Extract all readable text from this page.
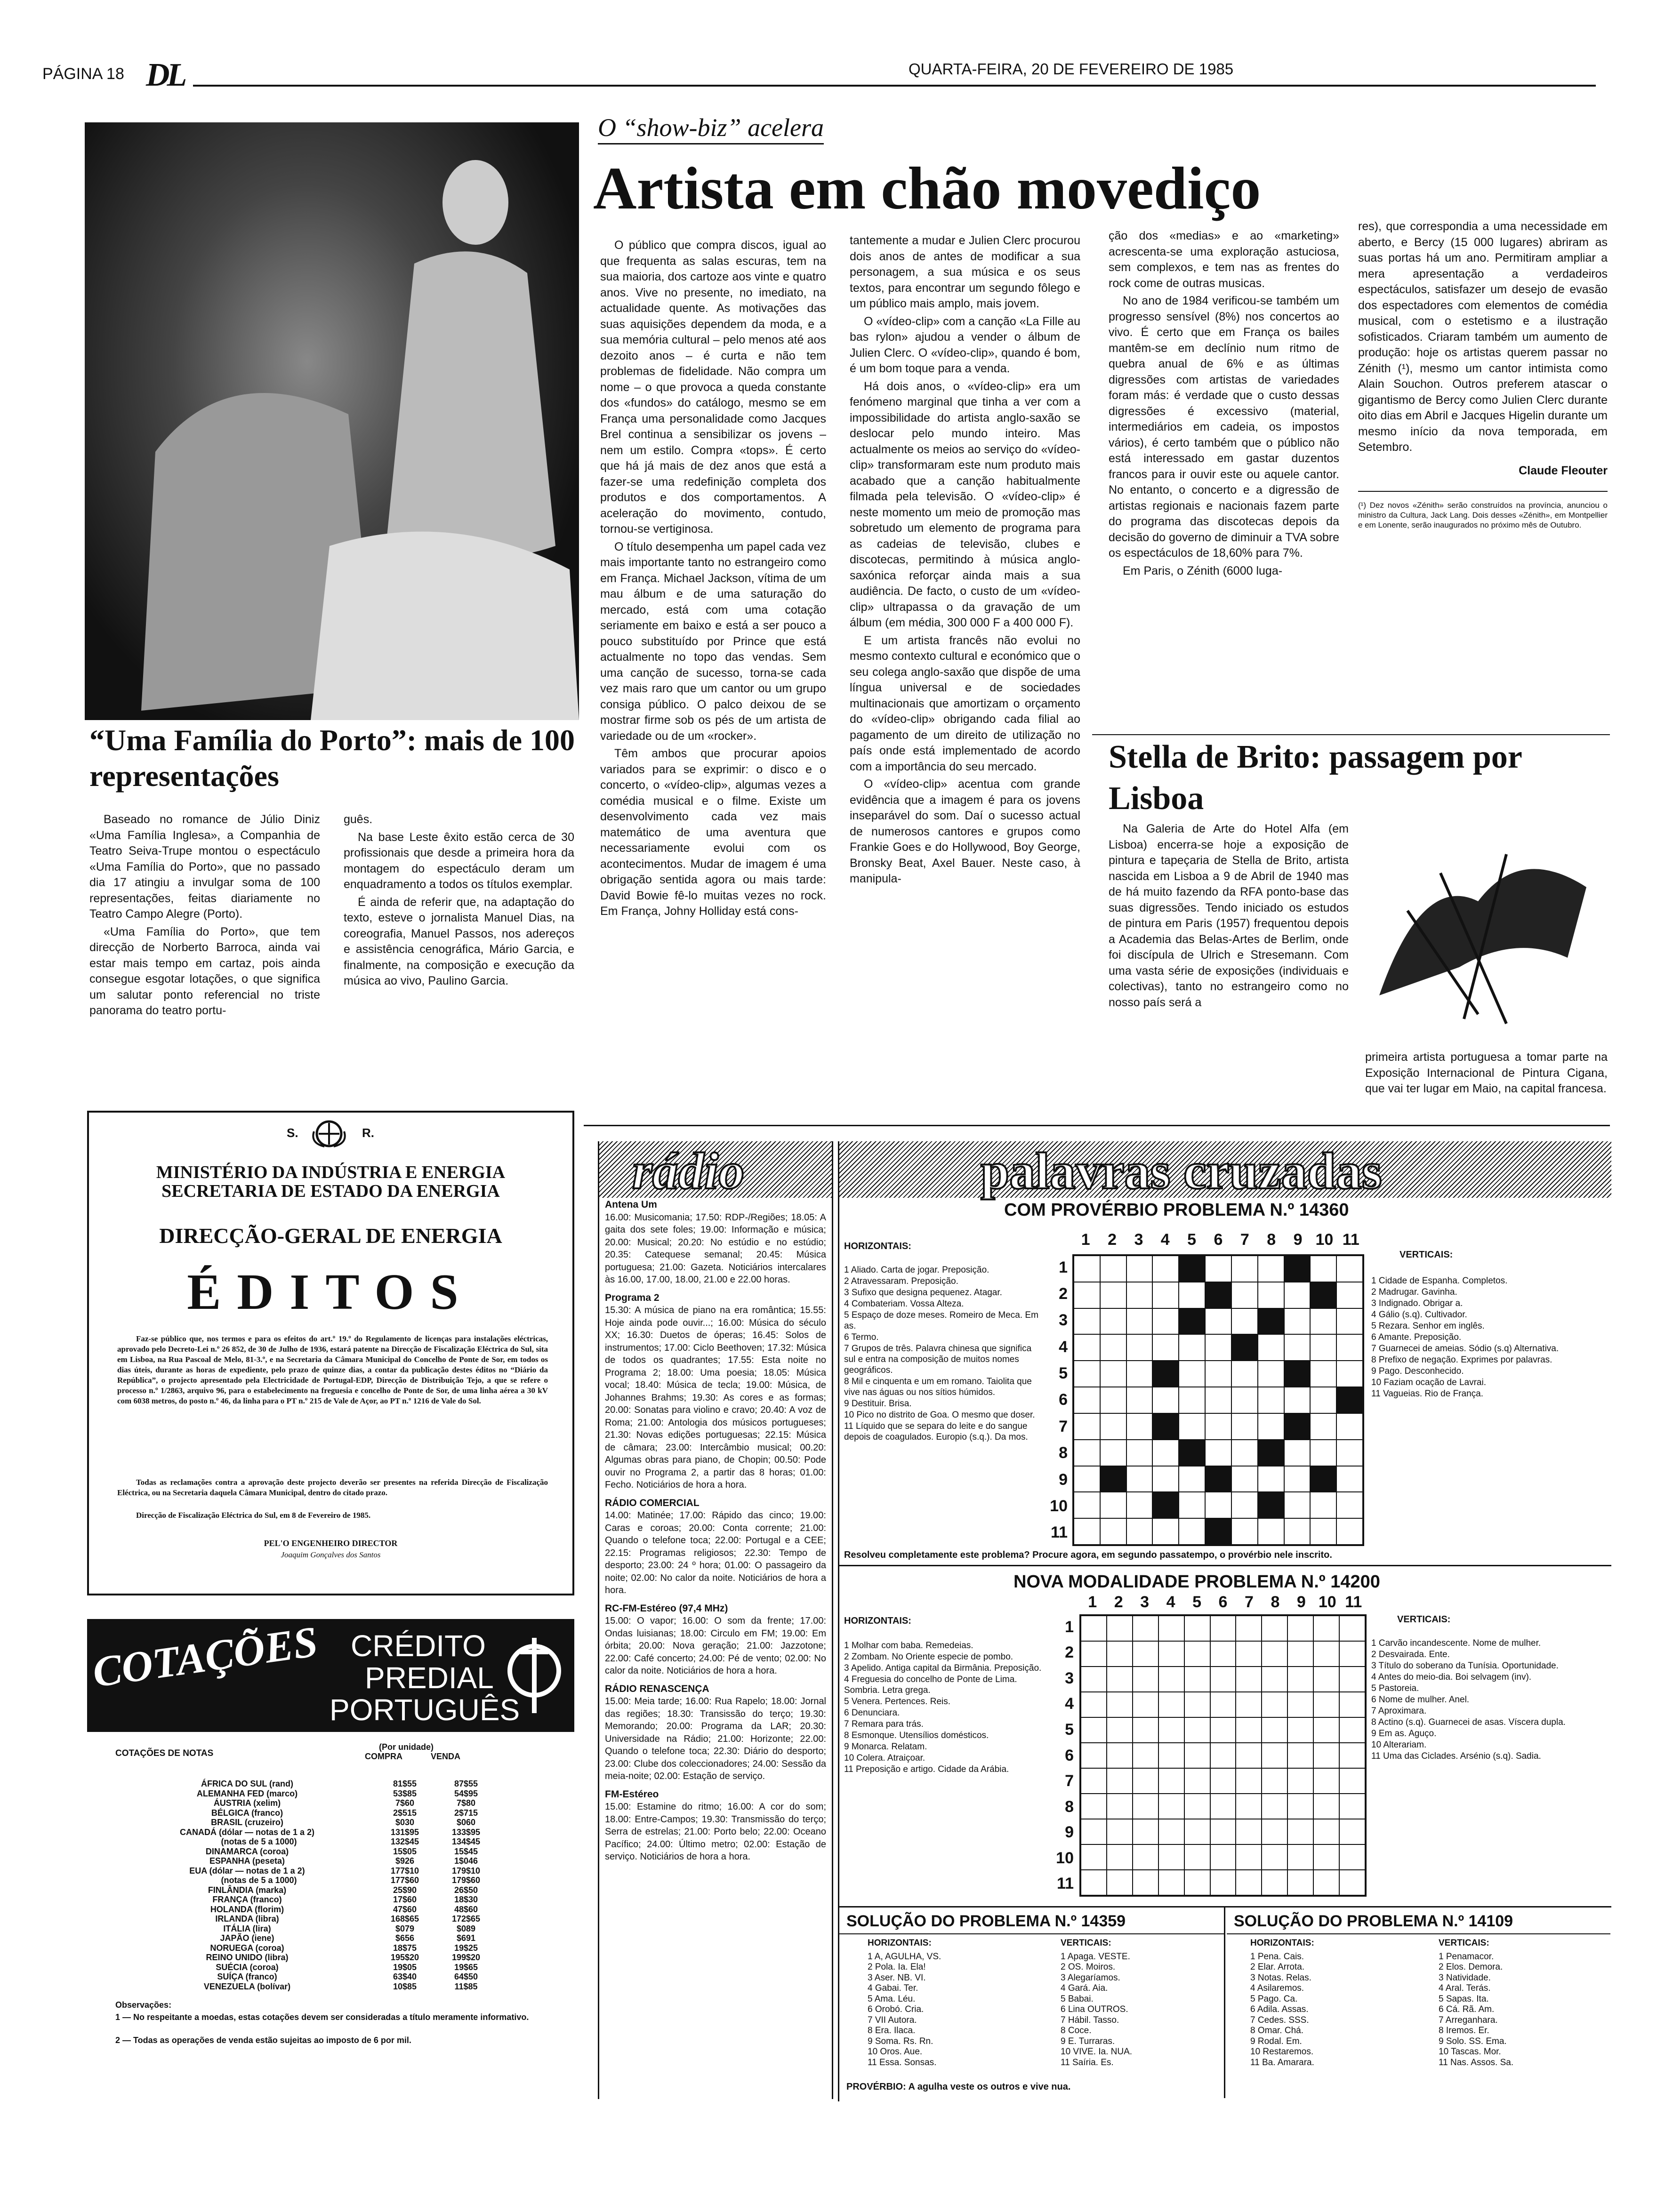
PÁGINA 18 DL	QUARTA-FEIRA, 20 DE FEVEREIRO DE 1985
“Uma Família do Porto”: mais de 100 representações

Baseado no romance de Júlio Diniz «Uma Família Inglesa», a Companhia de Teatro Seiva-Trupe montou o espectáculo «Uma Família do Porto», que no passado dia 17 atingiu a invulgar soma de 100 representações, feitas diariamente no Teatro Campo Alegre (Porto).

«Uma Família do Porto», que tem direcção de Norberto Barroca, ainda vai estar mais tempo em cartaz, pois ainda consegue esgotar lotações, o que significa um salutar ponto referencial no triste panorama do teatro portu-

guês.

Na base Leste êxito estão cerca de 30 profissionais que desde a primeira hora da montagem do espectáculo deram um enquadramento a todos os títulos exemplar.

É ainda de referir que, na adaptação do texto, esteve o jornalista Manuel Dias, na coreografia, Manuel Passos, nos adereços e assistência cenográfica, Mário Garcia, e finalmente, na composição e execução da música ao vivo, Paulino Garcia.

O “show-biz” acelera
Artista em chão movediço

O público que compra discos, igual ao que frequenta as salas escuras, tem na sua maioria, dos cartoze aos vinte e quatro anos. Vive no presente, no imediato, na actualidade quente. As motivações das suas aquisições dependem da moda, e a sua memória cultural – pelo menos até aos dezoito anos – é curta e não tem problemas de fidelidade. Não compra um nome – o que provoca a queda constante dos «fundos» do catálogo, mesmo se em França uma personalidade como Jacques Brel continua a sensibilizar os jovens – nem um estilo. Compra «tops». É certo que há já mais de dez anos que está a fazer-se uma redefinição completa dos produtos e dos comportamentos. A aceleração do movimento, contudo, tornou-se vertiginosa.

O título desempenha um papel cada vez mais importante tanto no estrangeiro como em França. Michael Jackson, vítima de um mau álbum e de uma saturação do mercado, está com uma cotação seriamente em baixo e está a ser pouco a pouco substituído por Prince que está actualmente no topo das vendas. Sem uma canção de sucesso, torna-se cada vez mais raro que um cantor ou um grupo consiga público. O palco deixou de se mostrar firme sob os pés de um artista de variedade ou de um «rocker».

Têm ambos que procurar apoios variados para se exprimir: o disco e o concerto, o «vídeo-clip», algumas vezes a comédia musical e o filme. Existe um desenvolvimento cada vez mais matemático de uma aventura que necessariamente evolui com os acontecimentos. Mudar de imagem é uma obrigação sentida agora ou mais tarde: David Bowie fê-lo muitas vezes no rock. Em França, Johny Holliday está cons-

tantemente a mudar e Julien Clerc procurou dois anos de antes de modificar a sua personagem, a sua música e os seus textos, para encontrar um segundo fôlego e um público mais amplo, mais jovem.

O «vídeo-clip» com a canção «La Fille au bas rylon» ajudou a vender o álbum de Julien Clerc. O «vídeo-clip», quando é bom, é um bom toque para a venda.

Há dois anos, o «vídeo-clip» era um fenómeno marginal que tinha a ver com a impossibilidade do artista anglo-saxão se deslocar pelo mundo inteiro. Mas actualmente os meios ao serviço do «vídeo-clip» transformaram este num produto mais acabado que a canção habitualmente filmada pela televisão. O «vídeo-clip» é neste momento um meio de promoção mas sobretudo um elemento de programa para as cadeias de televisão, clubes e discotecas, permitindo à música anglo-saxónica reforçar ainda mais a sua audiência. De facto, o custo de um «vídeo-clip» ultrapassa o da gravação de um álbum (em média, 300 000 F a 400 000 F).

E um artista francês não evolui no mesmo contexto cultural e económico que o seu colega anglo-saxão que dispõe de uma língua universal e de sociedades multinacionais que amortizam o orçamento do «vídeo-clip» obrigando cada filial ao pagamento de um direito de utilização no país onde está implementado de acordo com a importância do seu mercado.

O «vídeo-clip» acentua com grande evidência que a imagem é para os jovens inseparável do som. Daí o sucesso actual de numerosos cantores e grupos como Frankie Goes e do Hollywood, Boy George, Bronsky Beat, Axel Bauer. Neste caso, à manipula-

ção dos «medias» e ao «marketing» acrescenta-se uma exploração astuciosa, sem complexos, e tem nas as frentes do rock come de outras musicas.

No ano de 1984 verificou-se também um progresso sensível (8%) nos concertos ao vivo. É certo que em França os bailes mantêm-se em declínio num ritmo de quebra anual de 6% e as últimas digressões com artistas de variedades foram más: é verdade que o custo dessas digressões é excessivo (material, intermediários em cadeia, os impostos vários), é certo também que o público não está interessado em gastar duzentos francos para ir ouvir este ou aquele cantor. No entanto, o concerto e a digressão de artistas regionais e nacionais fazem parte do programa das discotecas depois da decisão do governo de diminuir a TVA sobre os espectáculos de 18,60% para 7%.

Em Paris, o Zénith (6000 luga-

res), que correspondia a uma necessidade em aberto, e Bercy (15 000 lugares) abriram as suas portas há um ano. Permitiram ampliar a mera apresentação a verdadeiros espectáculos, satisfazer um desejo de evasão dos espectadores com elementos de comédia musical, com o estetismo e a ilustração sofisticados. Criaram também um aumento de produção: hoje os artistas querem passar no Zénith (¹), mesmo um cantor intimista como Alain Souchon. Outros preferem atascar o gigantismo de Bercy como Julien Clerc durante oito dias em Abril e Jacques Higelin durante um mesmo início da nova temporada, em Setembro.

Claude Fleouter

(¹) Dez novos «Zénith» serão construídos na província, anunciou o ministro da Cultura, Jack Lang. Dois desses «Zénith», em Montpellier e em Lonente, serão inaugurados no próximo mês de Outubro.

Stella de Brito: passagem por Lisboa

Na Galeria de Arte do Hotel Alfa (em Lisboa) encerra-se hoje a exposição de pintura e tapeçaria de Stella de Brito, artista nascida em Lisboa a 9 de Abril de 1940 mas de há muito fazendo da RFA ponto-base das suas digressões. Tendo iniciado os estudos de pintura em Paris (1957) frequentou depois a Academia das Belas-Artes de Berlim, onde foi discípula de Ulrich e Stresemann. Com uma vasta série de exposições (individuais e colectivas), tanto no estrangeiro como no nosso país será a

primeira artista portuguesa a tomar parte na Exposição Internacional de Pintura Cigana, que vai ter lugar em Maio, na capital francesa.

S.	R.
MINISTÉRIO DA INDÚSTRIA E ENERGIA
SECRETARIA DE ESTADO DA ENERGIA
DIRECÇÃO-GERAL DE ENERGIA
ÉDITOS
Faz-se público que, nos termos e para os efeitos do art.º 19.º do Regulamento de licenças para instalações eléctricas, aprovado pelo Decreto-Lei n.º 26 852, de 30 de Julho de 1936, estará patente na Direcção de Fiscalização Eléctrica do Sul, sita em Lisboa, na Rua Pascoal de Melo, 81-3.º, e na Secretaria da Câmara Municipal do Concelho de Ponte de Sor, em todos os dias úteis, durante as horas de expediente, pelo prazo de quinze dias, a contar da publicação destes éditos no “Diário da República”, o projecto apresentado pela Electricidade de Portugal-EDP, Direcção de Distribuição Tejo, a que se refere o processo n.º 1/2863, arquivo 96, para o estabelecimento na freguesia e concelho de Ponte de Sor, de uma linha aérea a 30 kV com 6038 metros, do posto n.º 46, da linha para o PT n.º 215 de Vale de Açor, ao PT n.º 1216 de Vale do Sol.
Todas as reclamações contra a aprovação deste projecto deverão ser presentes na referida Direcção de Fiscalização Eléctrica, ou na Secretaria daquela Câmara Municipal, dentro do citado prazo.
Direcção de Fiscalização Eléctrica do Sul, em 8 de Fevereiro de 1985.
PEL'O ENGENHEIRO DIRECTOR
Joaquim Gonçalves dos Santos
COTAÇÕES CRÉDITO
PREDIAL
PORTUGUÊS
COTAÇÕES DE NOTAS
(Por unidade)
COMPRA	VENDA
ÁFRICA DO SUL (rand)	81$55	87$55
ALEMANHA FED (marco)	53$85	54$95
ÁUSTRIA (xelim)	7$60	7$80
BÉLGICA (franco)	2$515	2$715
BRASIL (cruzeiro)	$030	$060
CANADÁ (dólar — notas de 1 a 2)	131$95	133$95
(notas de 5 a 1000)	132$45	134$45
DINAMARCA (coroa)	15$05	15$45
ESPANHA (peseta)	$926	1$046
EUA (dólar — notas de 1 a 2)	177$10	179$10
(notas de 5 a 1000)	177$60	179$60
FINLÂNDIA (marka)	25$90	26$50
FRANÇA (franco)	17$60	18$30
HOLANDA (florim)	47$60	48$60
IRLANDA (libra)	168$65	172$65
ITÁLIA (lira)	$079	$089
JAPÃO (iene)	$656	$691
NORUEGA (coroa)	18$75	19$25
REINO UNIDO (libra)	195$20	199$20
SUÉCIA (coroa)	19$05	19$65
SUÍÇA (franco)	63$40	64$50
VENEZUELA (bolívar)	10$85	11$85
Observações:
1 — No respeitante a moedas, estas cotações devem ser consideradas a título meramente informativo.
2 — Todas as operações de venda estão sujeitas ao imposto de 6 por mil.
rádio
Antena Um

16.00: Musicomania; 17.50: RDP-/Regiões; 18.05: A gaita dos sete foles; 19.00: Informação e música; 20.00: Musical; 20.20: No estúdio e no estúdio; 20.35: Catequese semanal; 20.45: Música portuguesa; 21.00: Gazeta. Noticiários intercalares às 16.00, 17.00, 18.00, 21.00 e 22.00 horas.

Programa 2

15.30: A música de piano na era romântica; 15.55: Hoje ainda pode ouvir...; 16.00: Música do século XX; 16.30: Duetos de óperas; 16.45: Solos de instrumentos; 17.00: Ciclo Beethoven; 17.32: Música de todos os quadrantes; 17.55: Esta noite no Programa 2; 18.00: Uma poesia; 18.05: Música vocal; 18.40: Música de tecla; 19.00: Música, de Johannes Brahms; 19.30: As cores e as formas; 20.00: Sonatas para violino e cravo; 20.40: A voz de Roma; 21.00: Antologia dos músicos portugueses; 21.30: Novas edições portuguesas; 22.15: Música de câmara; 23.00: Intercâmbio musical; 00.20: Algumas obras para piano, de Chopin; 00.50: Pode ouvir no Programa 2, a partir das 8 horas; 01.00: Fecho. Noticiários de hora a hora.

RÁDIO COMERCIAL

14.00: Matinée; 17.00: Rápido das cinco; 19.00: Caras e coroas; 20.00: Conta corrente; 21.00: Quando o telefone toca; 22.00: Portugal e a CEE; 22.15: Programas religiosos; 22.30: Tempo de desporto; 23.00: 24 º hora; 01.00: O passageiro da noite; 02.00: No calor da noite. Noticiários de hora a hora.

RC-FM-Estéreo (97,4 MHz)

15.00: O vapor; 16.00: O som da frente; 17.00: Ondas luisianas; 18.00: Circulo em FM; 19.00: Em órbita; 20.00: Nova geração; 21.00: Jazzotone; 22.00: Café concerto; 24.00: Pé de vento; 02.00: No calor da noite. Noticiários de hora a hora.

RÁDIO RENASCENÇA

15.00: Meia tarde; 16.00: Rua Rapelo; 18.00: Jornal das regiões; 18.30: Transissão do terço; 19.30: Memorando; 20.00: Programa da LAR; 20.30: Universidade na Rádio; 21.00: Horizonte; 22.00: Quando o telefone toca; 22.30: Diário do desporto; 23.00: Clube dos coleccionadores; 24.00: Sessão da meia-noite; 02.00: Estação de serviço.

FM-Estéreo

15.00: Estamine do ritmo; 16.00: A cor do som; 18.00: Entre-Campos; 19.30: Transmissão do terço; Serra de estrelas; 21.00: Porto belo; 22.00: Oceano Pacífico; 24.00: Último metro; 02.00: Estação de serviço. Noticiários de hora a hora.

palavras cruzadas
COM PROVÉRBIO PROBLEMA N.º 14360
HORIZONTAIS:
1 Aliado. Carta de jogar. Preposição.
2 Atravessaram. Preposição.
3 Sufixo que designa pequenez. Atagar.
4 Combateriam. Vossa Alteza.
5 Espaço de doze meses. Romeiro de Meca. Em as.
6 Termo.
7 Grupos de três. Palavra chinesa que significa sul e entra na composição de muitos nomes geográficos.
8 Mil e cinquenta e um em romano. Taiolita que vive nas águas ou nos sítios húmidos.
9 Destituir. Brisa.
10 Pico no distrito de Goa. O mesmo que doser.
11 Líquido que se separa do leite e do sangue depois de coagulados. Europio (s.q.). Da mos.
1	2	3	4	5	6	7	8	9 10 11
1
2
3
4
5
6
7
8
9
10
11
VERTICAIS:
1 Cidade de Espanha. Completos.
2 Madrugar. Gavinha.
3 Indignado. Obrigar a.
4 Gálio (s.q). Cultivador.
5 Rezara. Senhor em inglês.
6 Amante. Preposição.
7 Guarnecei de ameias. Sódio (s.q) Alternativa.
8 Prefixo de negação. Exprimes por palavras.
9 Pago. Desconhecido.
10 Faziam ocação de Lavrai.
11 Vagueias. Rio de França.
Resolveu completamente este problema? Procure agora, em segundo passatempo, o provérbio nele inscrito.
NOVA MODALIDADE PROBLEMA N.º 14200
HORIZONTAIS:
1 Molhar com baba. Remedeias.
2 Zombam. No Oriente especie de pombo.
3 Apelido. Antiga capital da Birmânia. Preposição.
4 Freguesia do concelho de Ponte de Lima. Sombria. Letra grega.
5 Venera. Pertences. Reis.
6 Denunciara.
7 Remara para trás.
8 Esmonque. Utensílios domésticos.
9 Monarca. Relatam.
10 Colera. Atraiçoar.
11 Preposição e artigo. Cidade da Arábia.
1	2	3	4	5	6	7	8	9 10 11
1
2
3
4
5
6
7
8
9
10
11
VERTICAIS:
1 Carvão incandescente. Nome de mulher.
2 Desvairada. Ente.
3 Título do soberano da Tunísia. Oportunidade.
4 Antes do meio-dia. Boi selvagem (inv).
5 Pastoreia.
6 Nome de mulher. Anel.
7 Aproximara.
8 Actino (s.q). Guarnecei de asas. Víscera dupla.
9 Em as. Aguço.
10 Alterariam.
11 Uma das Ciclades. Arsénio (s.q). Sadia.
SOLUÇÃO DO PROBLEMA N.º 14359
HORIZONTAIS:
1 A, AGULHA, VS.
2 Pola. Ia. Ela!
3 Aser. NB. VI.
4 Gabai. Ter.
5 Ama. Léu.
6 Orobó. Cria.
7 VII Autora.
8 Era. Ilaca.
9 Soma. Rs. Rn.
10 Oros. Aue.
11 Essa. Sonsas.
VERTICAIS:
1 Apaga. VESTE.
2 OS. Moiros.
3 Alegaríamos.
4 Gará. Aia.
5 Babai.
6 Lina OUTROS.
7 Hábil. Tasso.
8 Coce.
9 E. Turraras.
10 VIVE. Ia. NUA.
11 Saíria. Es.
PROVÉRBIO: A agulha veste os outros e vive nua.
SOLUÇÃO DO PROBLEMA N.º 14109
HORIZONTAIS:
1 Pena. Cais.
2 Elar. Arrota.
3 Notas. Relas.
4 Asilaremos.
5 Pago. Ca.
6 Adila. Assas.
7 Cedes. SSS.
8 Omar. Chá.
9 Rodal. Em.
10 Restaremos.
11 Ba. Amarara.
VERTICAIS:
1 Penamacor.
2 Elos. Demora.
3 Natividade.
4 Aral. Terás.
5 Sapas. Ita.
6 Cá. Rã. Am.
7 Arreganhara.
8 Iremos. Er.
9 Solo. SS. Ema.
10 Tascas. Mor.
11 Nas. Assos. Sa.
